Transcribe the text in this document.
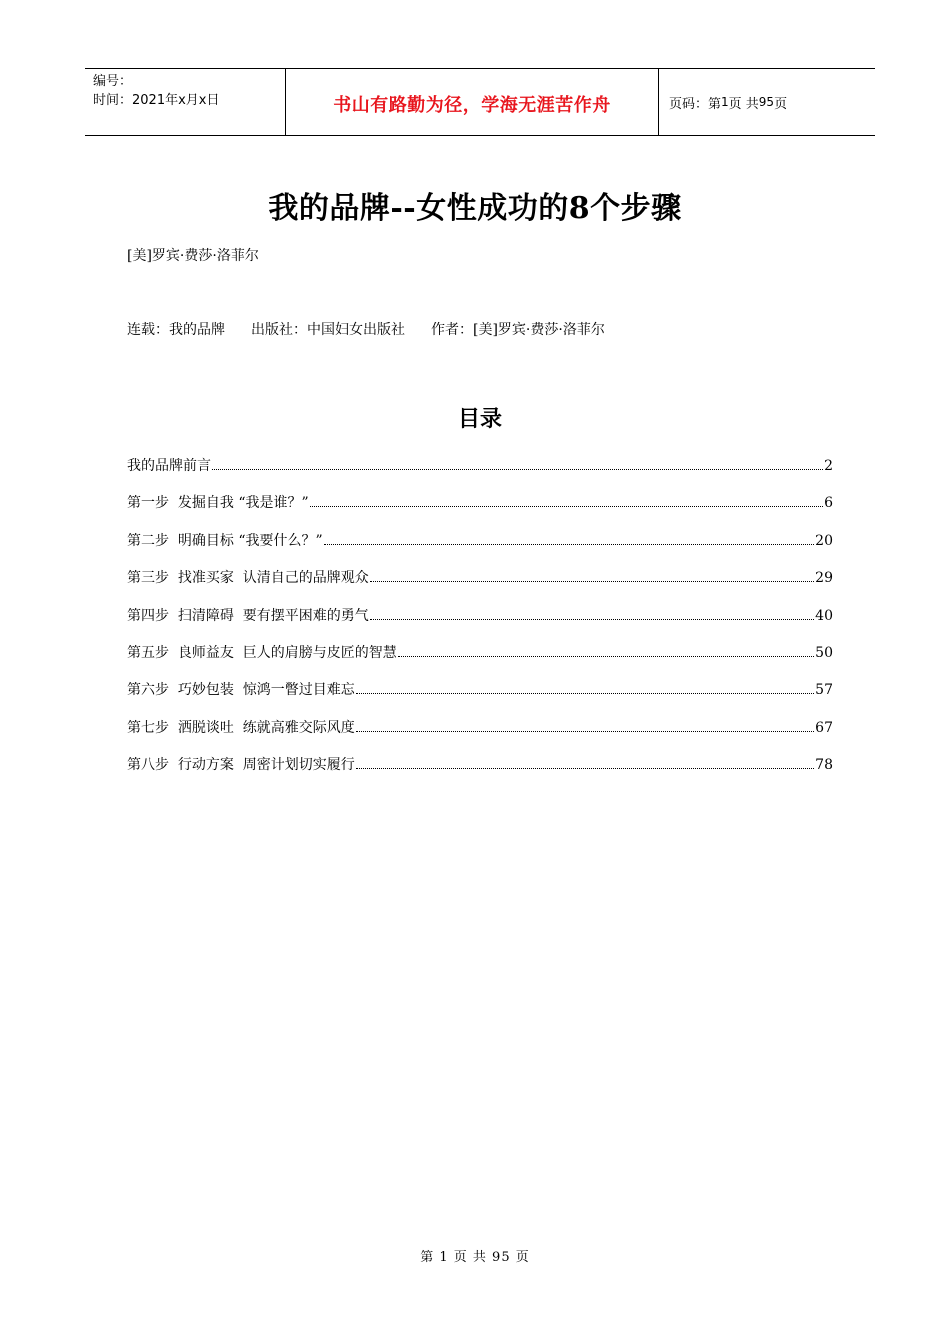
编号：
时间：2021年x月x日	书山有路勤为径，学海无涯苦作舟	页码：第 1 页 共 95 页
我的品牌--女性成功的8个步骤
[美]罗宾·费莎·洛菲尔
连载：我的品牌 出版社：中国妇女出版社 作者：[美]罗宾·费莎·洛菲尔
目录
我的品牌前言	2
第一步  发掘自我 “我是谁？”	6
第二步  明确目标 “我要什么？”	20
第三步  找准买家  认清自己的品牌观众	29
第四步  扫清障碍  要有摆平困难的勇气	40
第五步  良师益友  巨人的肩膀与皮匠的智慧	50
第六步  巧妙包装  惊鸿一瞥过目难忘	57
第七步  洒脱谈吐  练就高雅交际风度	67
第八步  行动方案  周密计划切实履行	78
第 1 页 共 95 页
